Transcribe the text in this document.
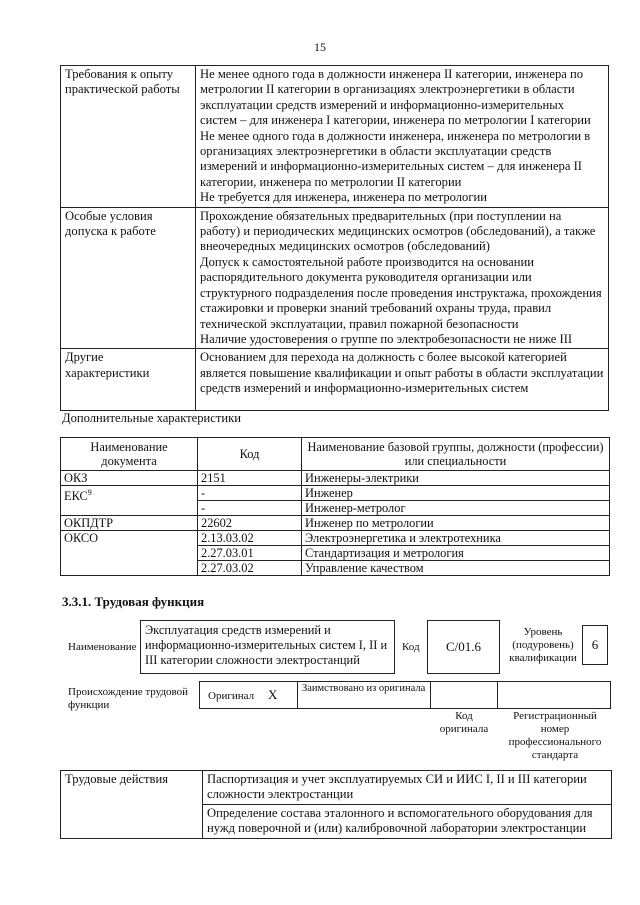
15
Требования к опыту практической работы	Не менее одного года в должности инженера II категории, инженера по метрологии II категории в организациях электроэнергетики в области эксплуатации средств измерений и информационно-измерительных систем – для инженера I категории, инженера по метрологии I категории
Не менее одного года в должности инженера, инженера по метрологии в организациях электроэнергетики в области эксплуатации средств измерений и информационно-измерительных систем – для инженера II категории, инженера по метрологии II категории
Не требуется для инженера, инженера по метрологии

Особые условия допуска к работе	Прохождение обязательных предварительных (при поступлении на работу) и периодических медицинских осмотров (обследований), а также внеочередных медицинских осмотров (обследований)
Допуск к самостоятельной работе производится на основании распорядительного документа руководителя организации или структурного подразделения после проведения инструктажа, прохождения стажировки и проверки знаний требований охраны труда, правил технической эксплуатации, правил пожарной безопасности
Наличие удостоверения о группе по электробезопасности не ниже III

Другие характеристики	Основанием для перехода на должность с более высокой категорией является повышение квалификации и опыт работы в области эксплуатации средств измерений и информационно-измерительных систем
Дополнительные характеристики
Наименование документа	Код	Наименование базовой группы, должности (профессии) или специальности
ОКЗ	2151	Инженеры-электрики
ЕКС$^9$	-	Инженер
	-	Инженер-метролог
ОКПДТР	22602	Инженер по метрологии
ОКСО	2.13.03.02	Электроэнергетика и электротехника
	2.27.03.01	Стандартизация и метрология
	2.27.03.02	Управление качеством
3.3.1. Трудовая функция
Наименование
Эксплуатация средств измерений и информационно-измерительных систем I, II и III категории сложности электростанций
Код	C/01.6
Уровень (подуровень) квалификации
6
Происхождение трудовой функции
Оригинал X	Заимствовано из оригинала
Код оригинала
Регистрационный номер профессионального стандарта
Трудовые действия	Паспортизация и учет эксплуатируемых СИ и ИИС I, II и III категории сложности электростанции
Определение состава эталонного и вспомогательного оборудования для нужд поверочной и (или) калибровочной лаборатории электростанции
